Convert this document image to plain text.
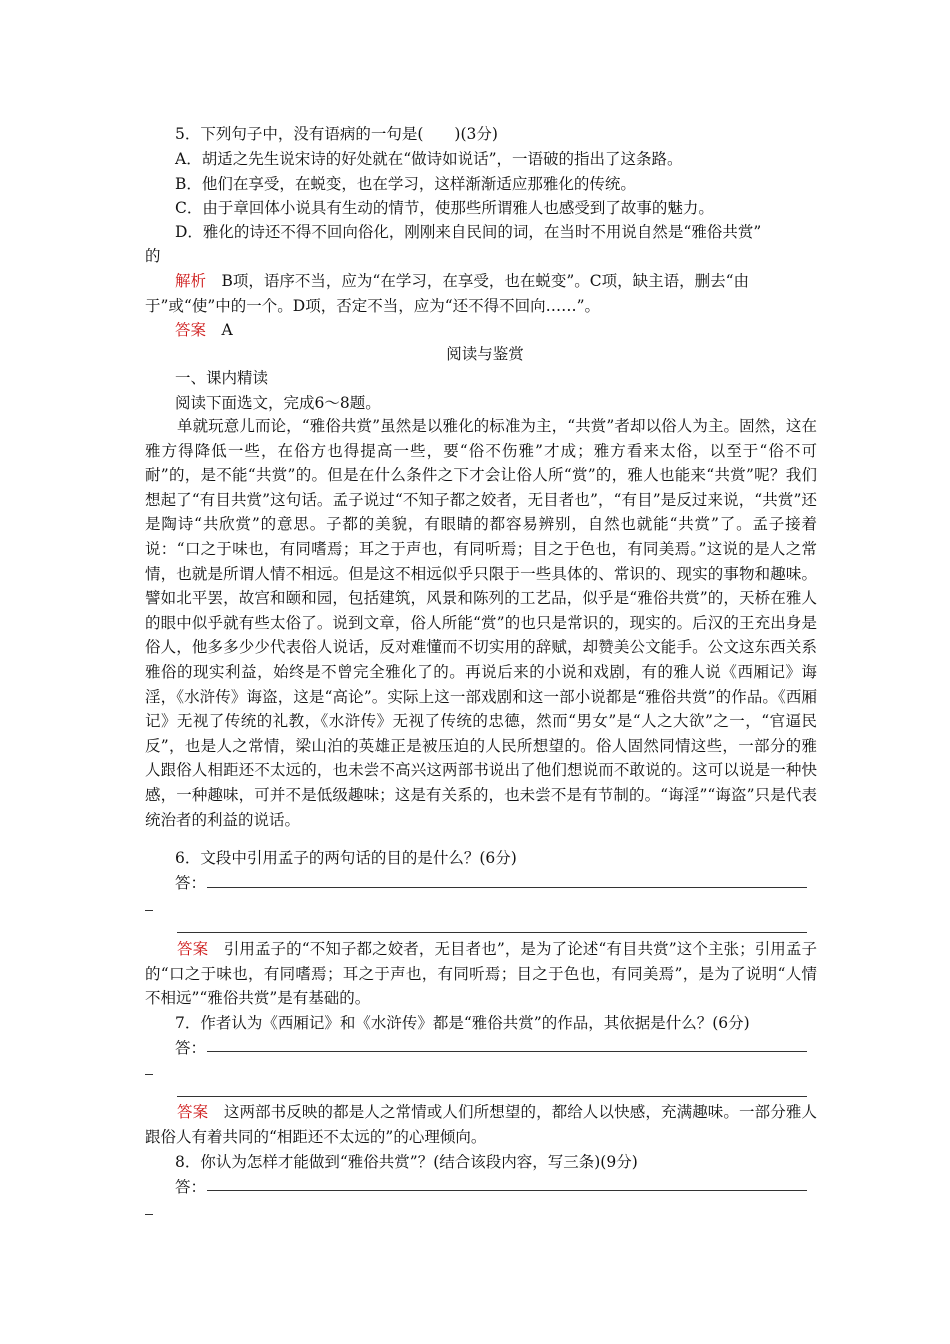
5．下列句子中，没有语病的一句是(　　)(3分)
A．胡适之先生说宋诗的好处就在“做诗如说话”，一语破的指出了这条路。
B．他们在享受，在蜕变，也在学习，这样渐渐适应那雅化的传统。
C．由于章回体小说具有生动的情节，使那些所谓雅人也感受到了故事的魅力。
D．雅化的诗还不得不回向俗化，刚刚来自民间的词，在当时不用说自然是“雅俗共赏”
的
解析　B项，语序不当，应为“在学习，在享受，也在蜕变”。C项，缺主语，删去“由
于”或“使”中的一个。D项，否定不当，应为“还不得不回向……”。
答案　A
阅读与鉴赏
一、课内精读
阅读下面选文，完成6～8题。
单就玩意儿而论，“雅俗共赏”虽然是以雅化的标准为主，“共赏”者却以俗人为主。固然，这在雅方得降低一些，在俗方也得提高一些，要“俗不伤雅”才成；雅方看来太俗，以至于“俗不可耐”的，是不能“共赏”的。但是在什么条件之下才会让俗人所“赏”的，雅人也能来“共赏”呢？我们想起了“有目共赏”这句话。孟子说过“不知子都之姣者，无目者也”，“有目”是反过来说，“共赏”还是陶诗“共欣赏”的意思。子都的美貌，有眼睛的都容易辨别，自然也就能“共赏”了。孟子接着说：“口之于味也，有同嗜焉；耳之于声也，有同听焉；目之于色也，有同美焉。”这说的是人之常情，也就是所谓人情不相远。但是这不相远似乎只限于一些具体的、常识的、现实的事物和趣味。譬如北平罢，故宫和颐和园，包括建筑，风景和陈列的工艺品，似乎是“雅俗共赏”的，天桥在雅人的眼中似乎就有些太俗了。说到文章，俗人所能“赏”的也只是常识的，现实的。后汉的王充出身是俗人，他多多少少代表俗人说话，反对难懂而不切实用的辞赋，却赞美公文能手。公文这东西关系雅俗的现实利益，始终是不曾完全雅化了的。再说后来的小说和戏剧，有的雅人说《西厢记》诲淫，《水浒传》诲盗，这是“高论”。实际上这一部戏剧和这一部小说都是“雅俗共赏”的作品。《西厢记》无视了传统的礼教，《水浒传》无视了传统的忠德，然而“男女”是“人之大欲”之一，“官逼民反”，也是人之常情，梁山泊的英雄正是被压迫的人民所想望的。俗人固然同情这些，一部分的雅人跟俗人相距还不太远的，也未尝不高兴这两部书说出了他们想说而不敢说的。这可以说是一种快感，一种趣味，可并不是低级趣味；这是有关系的，也未尝不是有节制的。“诲淫”“诲盗”只是代表统治者的利益的说话。
6．文段中引用孟子的两句话的目的是什么？(6分)
答：
答案　引用孟子的“不知子都之姣者，无目者也”，是为了论述“有目共赏”这个主张；引用孟子的“口之于味也，有同嗜焉；耳之于声也，有同听焉；目之于色也，有同美焉”，是为了说明“人情不相远”“雅俗共赏”是有基础的。
7．作者认为《西厢记》和《水浒传》都是“雅俗共赏”的作品，其依据是什么？(6分)
答：
答案　这两部书反映的都是人之常情或人们所想望的，都给人以快感，充满趣味。一部分雅人跟俗人有着共同的“相距还不太远的”的心理倾向。
8．你认为怎样才能做到“雅俗共赏”？(结合该段内容，写三条)(9分)
答：
